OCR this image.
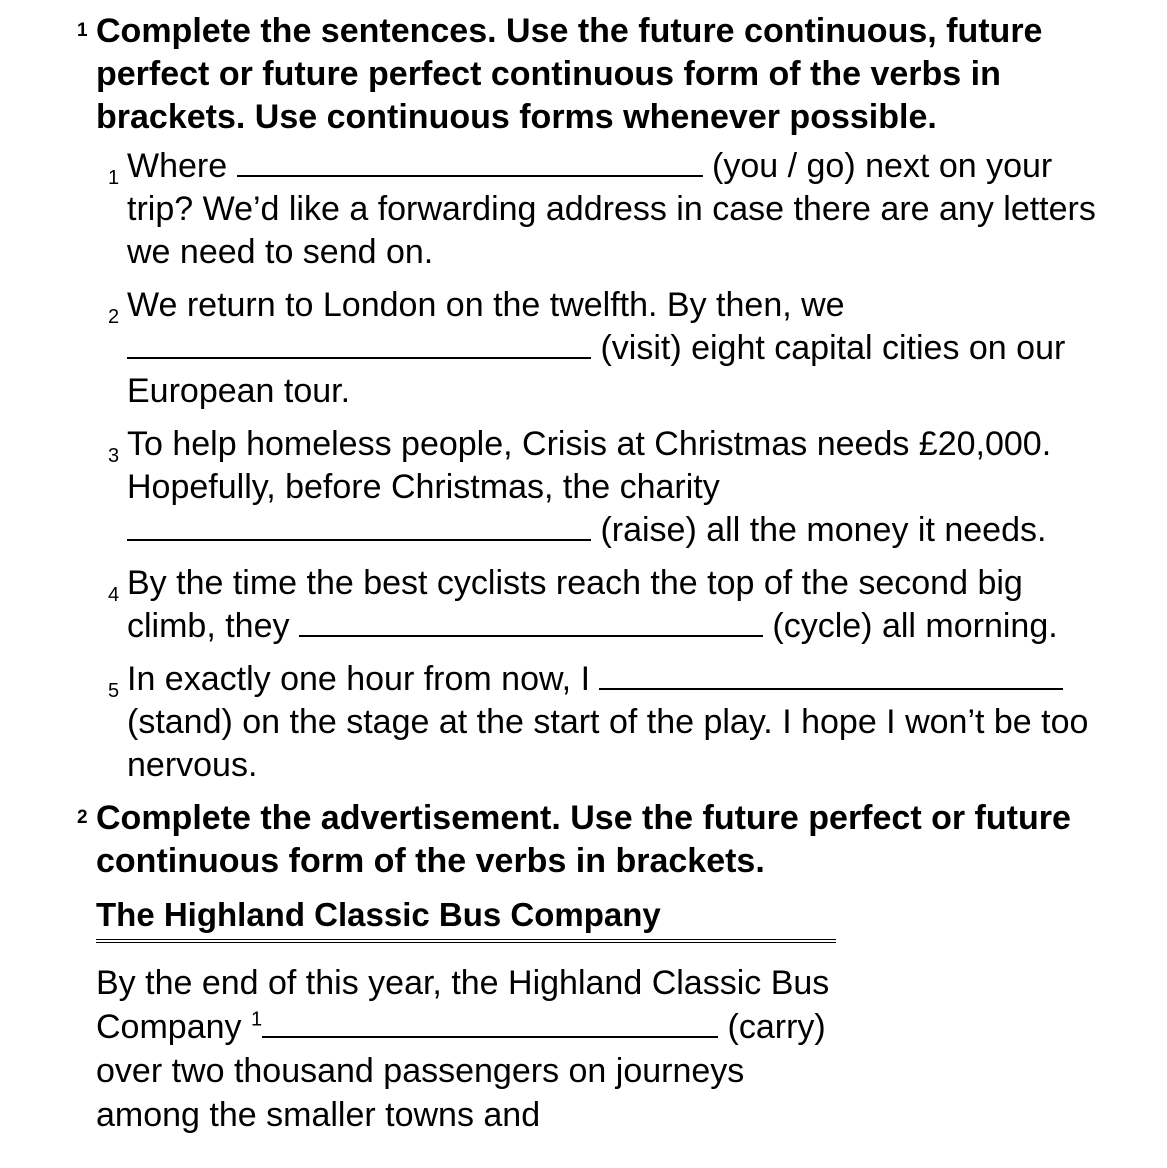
1 Complete the sentences. Use the future continuous, future perfect or future perfect continuous form of the verbs in brackets. Use continuous forms whenever possible.
1 Where	(you / go) next on your trip? We’d like a forwarding address in case there are any letters we need to send on.
2 We return to London on the twelfth. By then, we  (visit) eight capital cities on our European tour.
3 To help homeless people, Crisis at Christmas needs £20,000. Hopefully, before Christmas, the charity  (raise) all the money it needs.
4 By the time the best cyclists reach the top of the second big climb, they	(cycle) all morning.
5 In exactly one hour from now, I  (stand) on the stage at the start of the play. I hope I won’t be too nervous.
2 Complete the advertisement. Use the future perfect or future continuous form of the verbs in brackets.
The Highland Classic Bus Company
By the end of this year, the Highland Classic Bus Company $^1$	(carry) over two thousand passengers on journeys among the smaller towns and
